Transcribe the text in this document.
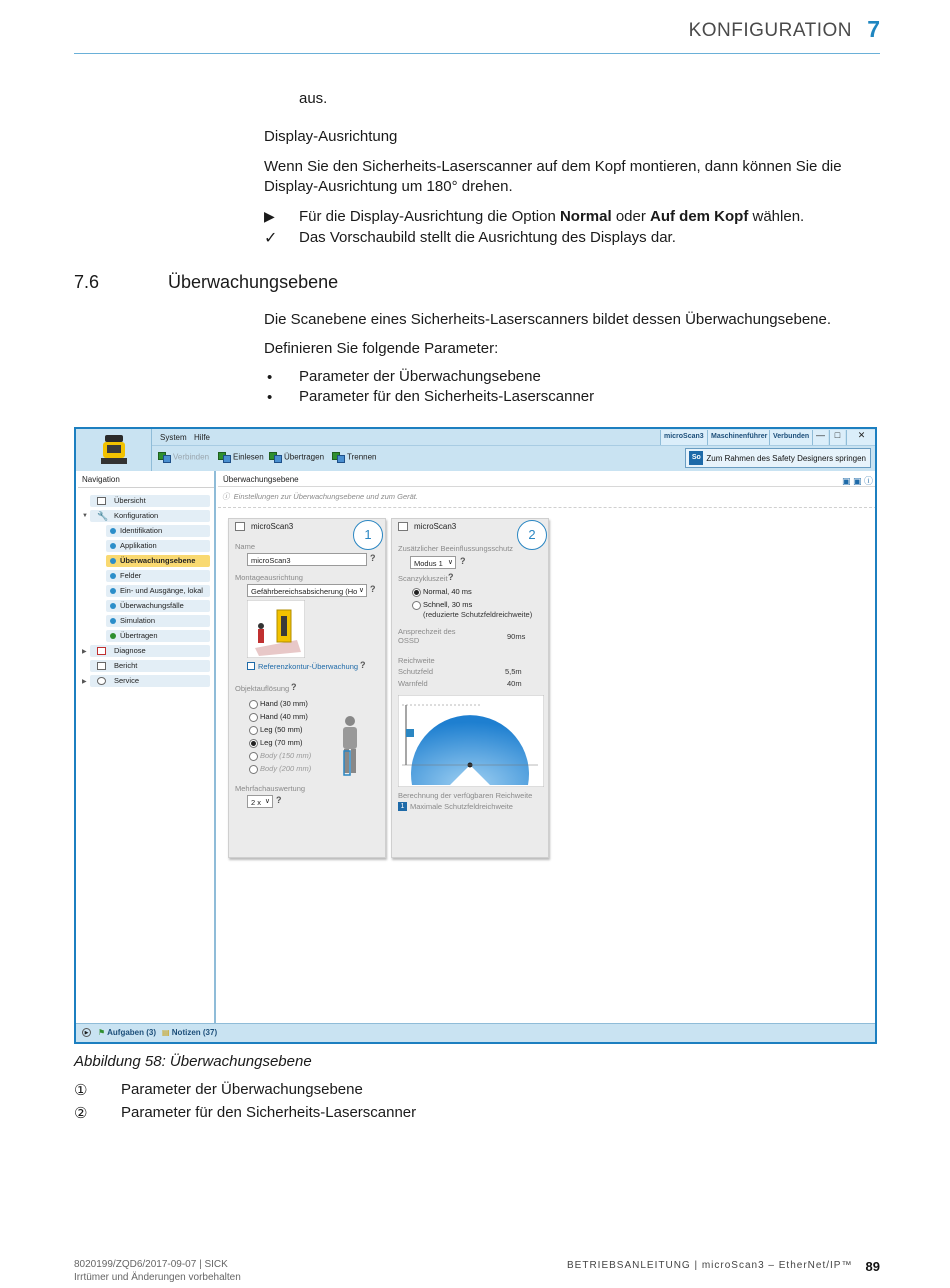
KONFIGURATION 7
aus.
Display-Ausrichtung
Wenn Sie den Sicherheits-Laserscanner auf dem Kopf montieren, dann können Sie die Display-Ausrichtung um 180° drehen.
▶ Für die Display-Ausrichtung die Option Normal oder Auf dem Kopf wählen.
✓ Das Vorschaubild stellt die Ausrichtung des Displays dar.
7.6	Überwachungsebene
Die Scanebene eines Sicherheits-Laserscanners bildet dessen Überwachungsebene.
Definieren Sie folgende Parameter:
• Parameter der Überwachungsebene
• Parameter für den Sicherheits-Laserscanner
System Hilfe	microScan3	Maschinenführer Verbunden —	□	✕
Verbinden	Einlesen	Übertragen	Trennen	So Zum Rahmen des Safety Designers springen
Navigation
Übersicht
▼ 🔧 Konfiguration
Identifikation
Applikation
Überwachungsebene
Felder
Ein- und Ausgänge, lokal
Überwachungsfälle
Simulation
Übertragen
▶	Diagnose
Bericht
▶	Service
Überwachungsebene	▣ ▣ ⓘ
ⓘ  Einstellungen zur Überwachungsebene und zum Gerät.
microScan3
1
Name
microScan3	?
Montageausrichtung
Gefährbereichsabsicherung (Ho ∨	?
Referenzkontur-Überwachung ?
Objektauflösung ?
Hand (30 mm)
Hand (40 mm)
Leg (50 mm)
Leg (70 mm)
Body (150 mm)
Body (200 mm)
Mehrfachauswertung
2 x ∨	?
microScan3
2
Zusätzlicher Beeinflussungsschutz
Modus 1 ∨	?
Scanzykluszeit ?
Normal, 40 ms
Schnell, 30 ms
(reduzierte Schutzfeldreichweite)
Ansprechzeit des OSSD	90ms
Reichweite
Schutzfeld	5,5m
Warnfeld	40m
Berechnung der verfügbaren Reichweite
1 Maximale Schutzfeldreichweite
▶	⚑ Aufgaben (3) ▤ Notizen (37)
Abbildung 58: Überwachungsebene
① Parameter der Überwachungsebene
② Parameter für den Sicherheits-Laserscanner
8020199/ZQD6/2017-09-07 | SICK
Irrtümer und Änderungen vorbehalten
BETRIEBSANLEITUNG | microScan3 – EtherNet/IP™ 89
